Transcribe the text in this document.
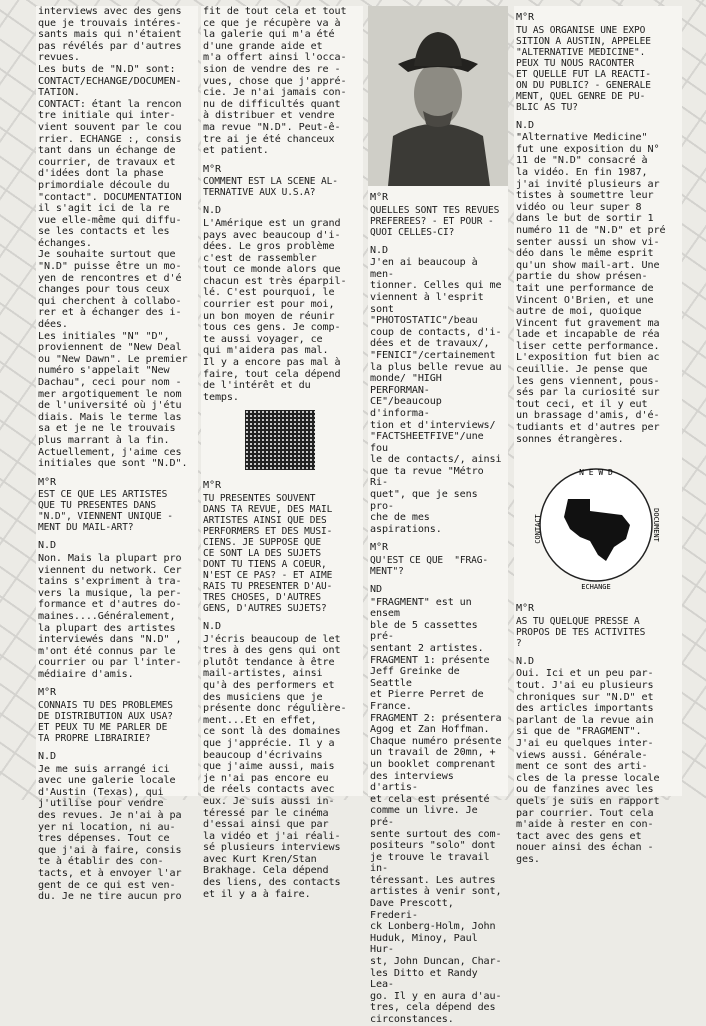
interviews avec des gens
que je trouvais intéres-
sants mais qui n'étaient
pas révélés par d'autres
revues.
Les buts de "N.D" sont:
CONTACT/ECHANGE/DOCUMEN-
TATION.
CONTACT: étant la rencon
tre initiale qui inter-
vient souvent par le cou
rrier. ECHANGE :, consis
tant dans un échange de
courrier, de travaux et
d'idées dont la phase
primordiale découle du
"contact". DOCUMENTATION
il s'agit ici de la re
vue elle-même qui diffu-
se les contacts et les
échanges.
Je souhaite surtout que
"N.D" puisse être un mo-
yen de rencontres et d'é
changes pour tous ceux
qui cherchent à collabo-
rer et à échanger des i-
dées.
Les initiales "N" "D",
proviennent de "New Deal
ou "New Dawn". Le premier
numéro s'appelait "New
Dachau", ceci pour nom -
mer argotiquement le nom
de l'université où j'étu
diais. Mais le terme las
sa et je ne le trouvais
plus marrant à la fin.
Actuellement, j'aime ces
initiales que sont "N.D".
M°R
EST CE QUE LES ARTISTES
QUE TU PRESENTES DANS
"N.D", VIENNENT UNIQUE -
MENT DU MAIL-ART?
N.D
Non. Mais la plupart pro
viennent du network. Cer
tains s'expriment à tra-
vers la musique, la per-
formance et d'autres do-
maines....Généralement,
la plupart des artistes
interviewés dans "N.D" ,
m'ont été connus par le
courrier ou par l'inter-
médiaire d'amis.
M°R
CONNAIS TU DES PROBLEMES
DE DISTRIBUTION AUX USA?
ET PEUX TU ME PARLER DE
TA PROPRE LIBRAIRIE?
N.D
Je me suis arrangé ici
avec une galerie locale
d'Austin (Texas), qui
j'utilise pour vendre
des revues. Je n'ai à pa
yer ni location, ni au-
tres dépenses. Tout ce
que j'ai à faire, consis
te à établir des con-
tacts, et à envoyer l'ar
gent de ce qui est ven-
du. Je ne tire aucun pro
fit de tout cela et tout
ce que je récupère va à
la galerie qui m'a été
d'une grande aide et
m'a offert ainsi l'occa-
sion de vendre des re -
vues, chose que j'appré-
cie. Je n'ai jamais con-
nu de difficultés quant
à distribuer et vendre
ma revue "N.D". Peut-ê-
tre ai je été chanceux
et patient.
M°R
COMMENT EST LA SCENE AL-
TERNATIVE AUX U.S.A?
N.D
L'Amérique est un grand
pays avec beaucoup d'i-
dées. Le gros problème
c'est de rassembler
tout ce monde alors que
chacun est très éparpil-
lé. C'est pourquoi, le
courrier est pour moi,
un bon moyen de réunir
tous ces gens. Je comp-
te aussi voyager, ce
qui m'aidera pas mal.
Il y a encore pas mal à
faire, tout cela dépend
de l'intérêt et du
temps.
M°R
TU PRESENTES SOUVENT
DANS TA REVUE, DES MAIL
ARTISTES AINSI QUE DES
PERFORMERS ET DES MUSI-
CIENS. JE SUPPOSE QUE
CE SONT LA DES SUJETS
DONT TU TIENS A COEUR,
N'EST CE PAS? - ET AIME
RAIS TU PRESENTER D'AU-
TRES CHOSES, D'AUTRES
GENS, D'AUTRES SUJETS?
N.D
J'écris beaucoup de let
tres à des gens qui ont
plutôt tendance à être
mail-artistes, ainsi
qu'à des performers et
des musiciens que je
présente donc régulière-
ment...Et en effet,
ce sont là des domaines
que j'apprécie. Il y a
beaucoup d'écrivains
que j'aime aussi, mais
je n'ai pas encore eu
de réels contacts avec
eux. Je suis aussi in-
téressé par le cinéma
d'essai ainsi que par
la vidéo et j'ai réali-
sé plusieurs interviews
avec Kurt Kren/Stan
Brakhage. Cela dépend
des liens, des contacts
et il y a à faire.
M°R
QUELLES SONT TES REVUES
PREFEREES? - ET POUR -
QUOI CELLES-CI?
N.D
J'en ai beaucoup à men-
tionner. Celles qui me
viennent à l'esprit sont
"PHOTOSTATIC"/beau
coup de contacts, d'i-
dées et de travaux/,
"FENICI"/certainement
la plus belle revue au
monde/ "HIGH PERFORMAN-
CE"/beaucoup d'informa-
tion et d'interviews/
"FACTSHEETFIVE"/une fou
le de contacts/, ainsi
que ta revue "Métro Ri-
quet", que je sens pro-
che de mes aspirations.
M°R
QU'EST CE QUE  "FRAG-
MENT"?
ND
"FRAGMENT" est un ensem
ble de 5 cassettes pré-
sentant 2 artistes.
FRAGMENT 1: présente
Jeff Greinke de Seattle
et Pierre Perret de
France.
FRAGMENT 2: présentera
Agog et Zan Hoffman.
Chaque numéro présente
un travail de 20mn, +
un booklet comprenant
des interviews d'artis-
et cela est présenté
comme un livre. Je pré-
sente surtout des com-
positeurs "solo" dont
je trouve le travail in-
téressant. Les autres
artistes à venir sont,
Dave Prescott, Frederi-
ck Lonberg-Holm, John
Huduk, Minoy, Paul Hur-
st, John Duncan, Char-
les Ditto et Randy Lea-
go. Il y en aura d'au-
tres, cela dépend des
circonstances.
M°R
TU AS ORGANISE UNE EXPO
SITION A AUSTIN, APPELEE
"ALTERNATIVE MEDICINE".
PEUX TU NOUS RACONTER
ET QUELLE FUT LA REACTI-
ON DU PUBLIC? - GENERALE
MENT, QUEL GENRE DE PU-
BLIC AS TU?
N.D
"Alternative Medicine"
fut une exposition du N°
11 de "N.D" consacré à
la vidéo. En fin 1987,
j'ai invité plusieurs ar
tistes à soumettre leur
vidéo ou leur super 8
dans le but de sortir 1
numéro 11 de "N.D" et pré
senter aussi un show vi-
déo dans le même esprit
qu'un show mail-art. Une
partie du show présen-
tait une performance de
Vincent O'Brien, et une
autre de moi, quoique
Vincent fut gravement ma
lade et incapable de réa
liser cette performance.
L'exposition fut bien ac
ceuillie. Je pense que
les gens viennent, pous-
sés par la curiosité sur
tout ceci, et il y eut
un brassage d'amis, d'é-
tudiants et d'autres per
sonnes étrangères.
N E W D
ECHANGE
CONTACT	DOCUMENT
M°R
AS TU QUELQUE PRESSE A
PROPOS DE TES ACTIVITES
?
N.D
Oui. Ici et un peu par-
tout. J'ai eu plusieurs
chroniques sur "N.D" et
des articles importants
parlant de la revue ain
si que de "FRAGMENT".
J'ai eu quelques inter-
views aussi. Générale-
ment ce sont des arti-
cles de la presse locale
ou de fanzines avec les
quels je suis en rapport
par courrier. Tout cela
m'aide à rester en con-
tact avec des gens et
nouer ainsi des échan -
ges.
